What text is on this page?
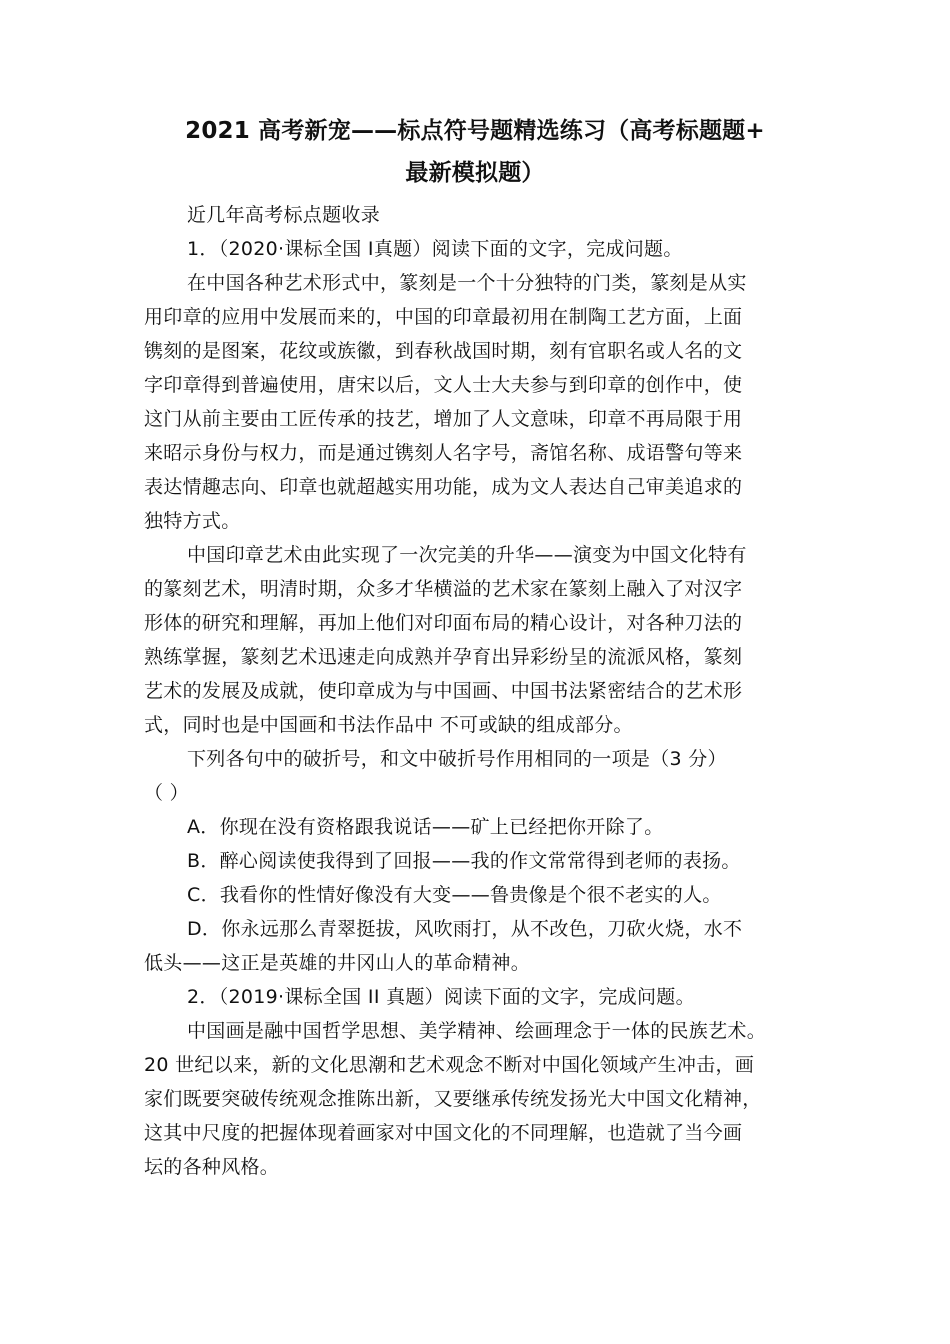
2021 高考新宠——标点符号题精选练习（高考标题题+
最新模拟题）
近几年高考标点题收录
1．（2020·课标全国 Ⅰ真题）阅读下面的文字，完成问题。
在中国各种艺术形式中，篆刻是一个十分独特的门类，篆刻是从实
用印章的应用中发展而来的，中国的印章最初用在制陶工艺方面，上面
镌刻的是图案，花纹或族徽，到春秋战国时期，刻有官职名或人名的文
字印章得到普遍使用，唐宋以后，文人士大夫参与到印章的创作中，使
这门从前主要由工匠传承的技艺，增加了人文意味，印章不再局限于用
来昭示身份与权力，而是通过镌刻人名字号，斋馆名称、成语警句等来
表达情趣志向、印章也就超越实用功能，成为文人表达自己审美追求的
独特方式。
中国印章艺术由此实现了一次完美的升华——演变为中国文化特有
的篆刻艺术，明清时期，众多才华横溢的艺术家在篆刻上融入了对汉字
形体的研究和理解，再加上他们对印面布局的精心设计，对各种刀法的
熟练掌握，篆刻艺术迅速走向成熟并孕育出异彩纷呈的流派风格，篆刻
艺术的发展及成就，使印章成为与中国画、中国书法紧密结合的艺术形
式，同时也是中国画和书法作品中 不可或缺的组成部分。
下列各句中的破折号，和文中破折号作用相同的一项是（3 分）
（ ）
A．你现在没有资格跟我说话——矿上已经把你开除了。
B．醉心阅读使我得到了回报——我的作文常常得到老师的表扬。
C．我看你的性情好像没有大变——鲁贵像是个很不老实的人。
D．你永远那么青翠挺拔，风吹雨打，从不改色，刀砍火烧，水不
低头——这正是英雄的井冈山人的革命精神。
2．（2019·课标全国 II 真题）阅读下面的文字，完成问题。
中国画是融中国哲学思想、美学精神、绘画理念于一体的民族艺术。
20 世纪以来，新的文化思潮和艺术观念不断对中国化领域产生冲击，画
家们既要突破传统观念推陈出新，又要继承传统发扬光大中国文化精神，
这其中尺度的把握体现着画家对中国文化的不同理解，也造就了当今画
坛的各种风格。
